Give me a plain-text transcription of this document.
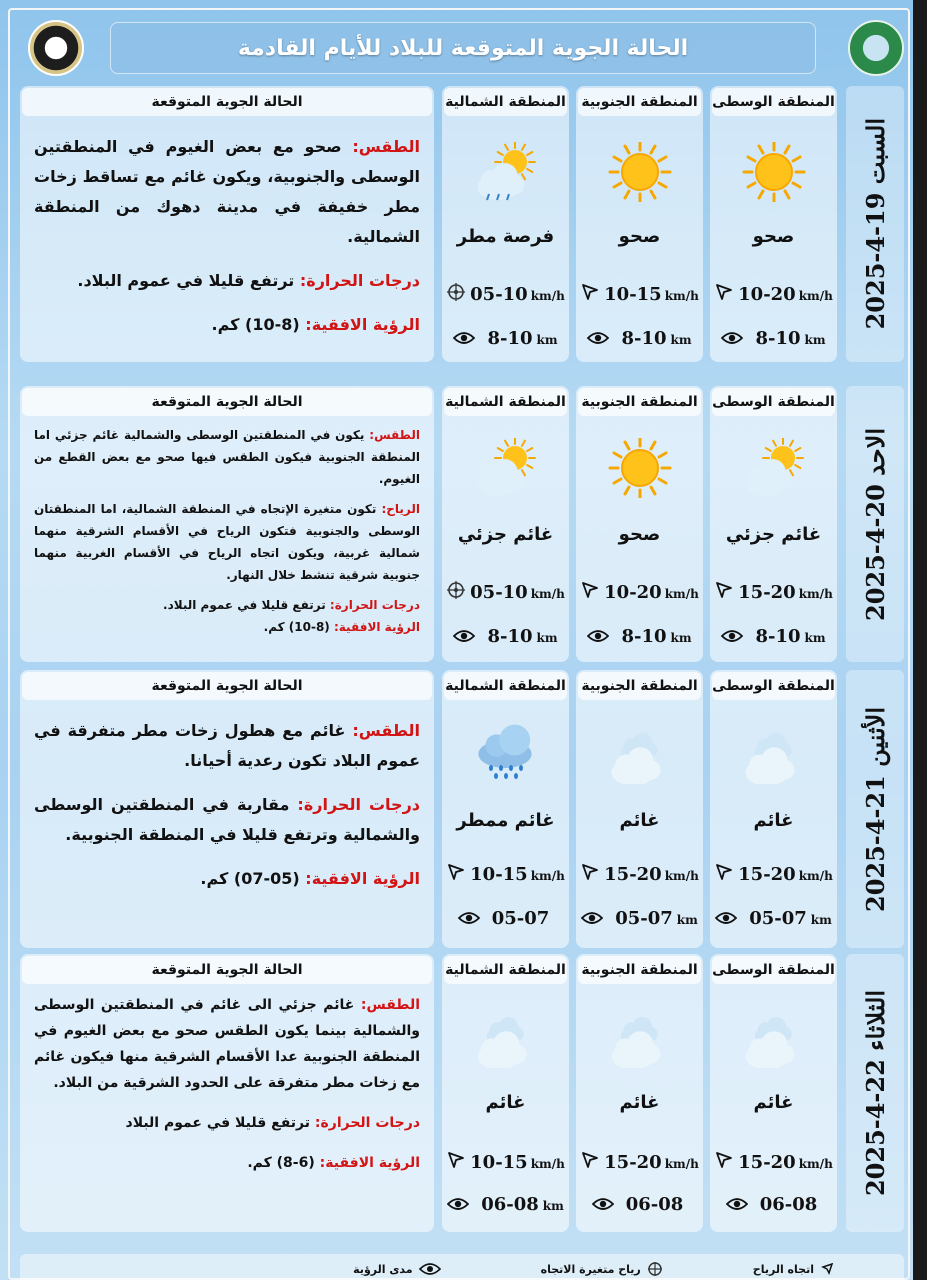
الحالة الجوية المتوقعة للبلاد للأيام القادمة
السبت 19-4-2025
المنطقة الوسطى
صحو
10-20 km/h
8-10 km
المنطقة الجنوبية
صحو
10-15 km/h
8-10 km
المنطقة الشمالية
فرصة مطر
05-10 km/h
8-10 km
الحالة الجوية المتوقعة

الطقس: صحو مع بعض الغيوم في المنطقتين الوسطى والجنوبية، ويكون غائم مع تساقط زخات مطر خفيفة في مدينة دهوك من المنطقة الشمالية.

درجات الحرارة: ترتفع قليلا في عموم البلاد.

الرؤية الافقية: (8-10) كم.

الاحد 20-4-2025
المنطقة الوسطى
غائم جزئي
15-20 km/h
8-10 km
المنطقة الجنوبية
صحو
10-20 km/h
8-10 km
المنطقة الشمالية
غائم جزئي
05-10 km/h
8-10 km
الحالة الجوية المتوقعة

الطقس: يكون في المنطقتين الوسطى والشمالية غائم جزئي اما المنطقة الجنوبية فيكون الطقس فيها صحو مع بعض القطع من الغيوم.

الرياح: تكون متغيرة الإتجاه في المنطقة الشمالية، اما المنطقتان الوسطى والجنوبية فتكون الرياح في الأقسام الشرقية منهما شمالية غربية، ويكون اتجاه الرياح في الأقسام الغربية منهما جنوبية شرقية تنشط خلال النهار.

درجات الحرارة: ترتفع قليلا في عموم البلاد.

الرؤية الافقية: (8-10) كم.

الأثنين 21-4-2025
المنطقة الوسطى
غائم
15-20 km/h
05-07 km
المنطقة الجنوبية
غائم
15-20 km/h
05-07 km
المنطقة الشمالية
غائم ممطر
10-15 km/h
05-07
الحالة الجوية المتوقعة

الطقس: غائم مع هطول زخات مطر متفرقة في عموم البلاد تكون رعدية أحيانا.

درجات الحرارة: مقاربة في المنطقتين الوسطى والشمالية وترتفع قليلا في المنطقة الجنوبية.

الرؤية الافقية: (05-07) كم.

الثلاثاء 22-4-2025
المنطقة الوسطى
غائم
15-20 km/h
06-08
المنطقة الجنوبية
غائم
15-20 km/h
06-08
المنطقة الشمالية
غائم
10-15 km/h
06-08 km
الحالة الجوية المتوقعة

الطقس: غائم جزئي الى غائم في المنطقتين الوسطى والشمالية بينما يكون الطقس صحو مع بعض الغيوم في المنطقة الجنوبية عدا الأقسام الشرقية منها فيكون غائم مع زخات مطر متفرقة على الحدود الشرقية من البلاد.

درجات الحرارة: ترتفع قليلا في عموم البلاد

الرؤية الافقية: (6-8) كم.

اتجاه الرياح
رياح متغيرة الاتجاه
مدى الرؤية
